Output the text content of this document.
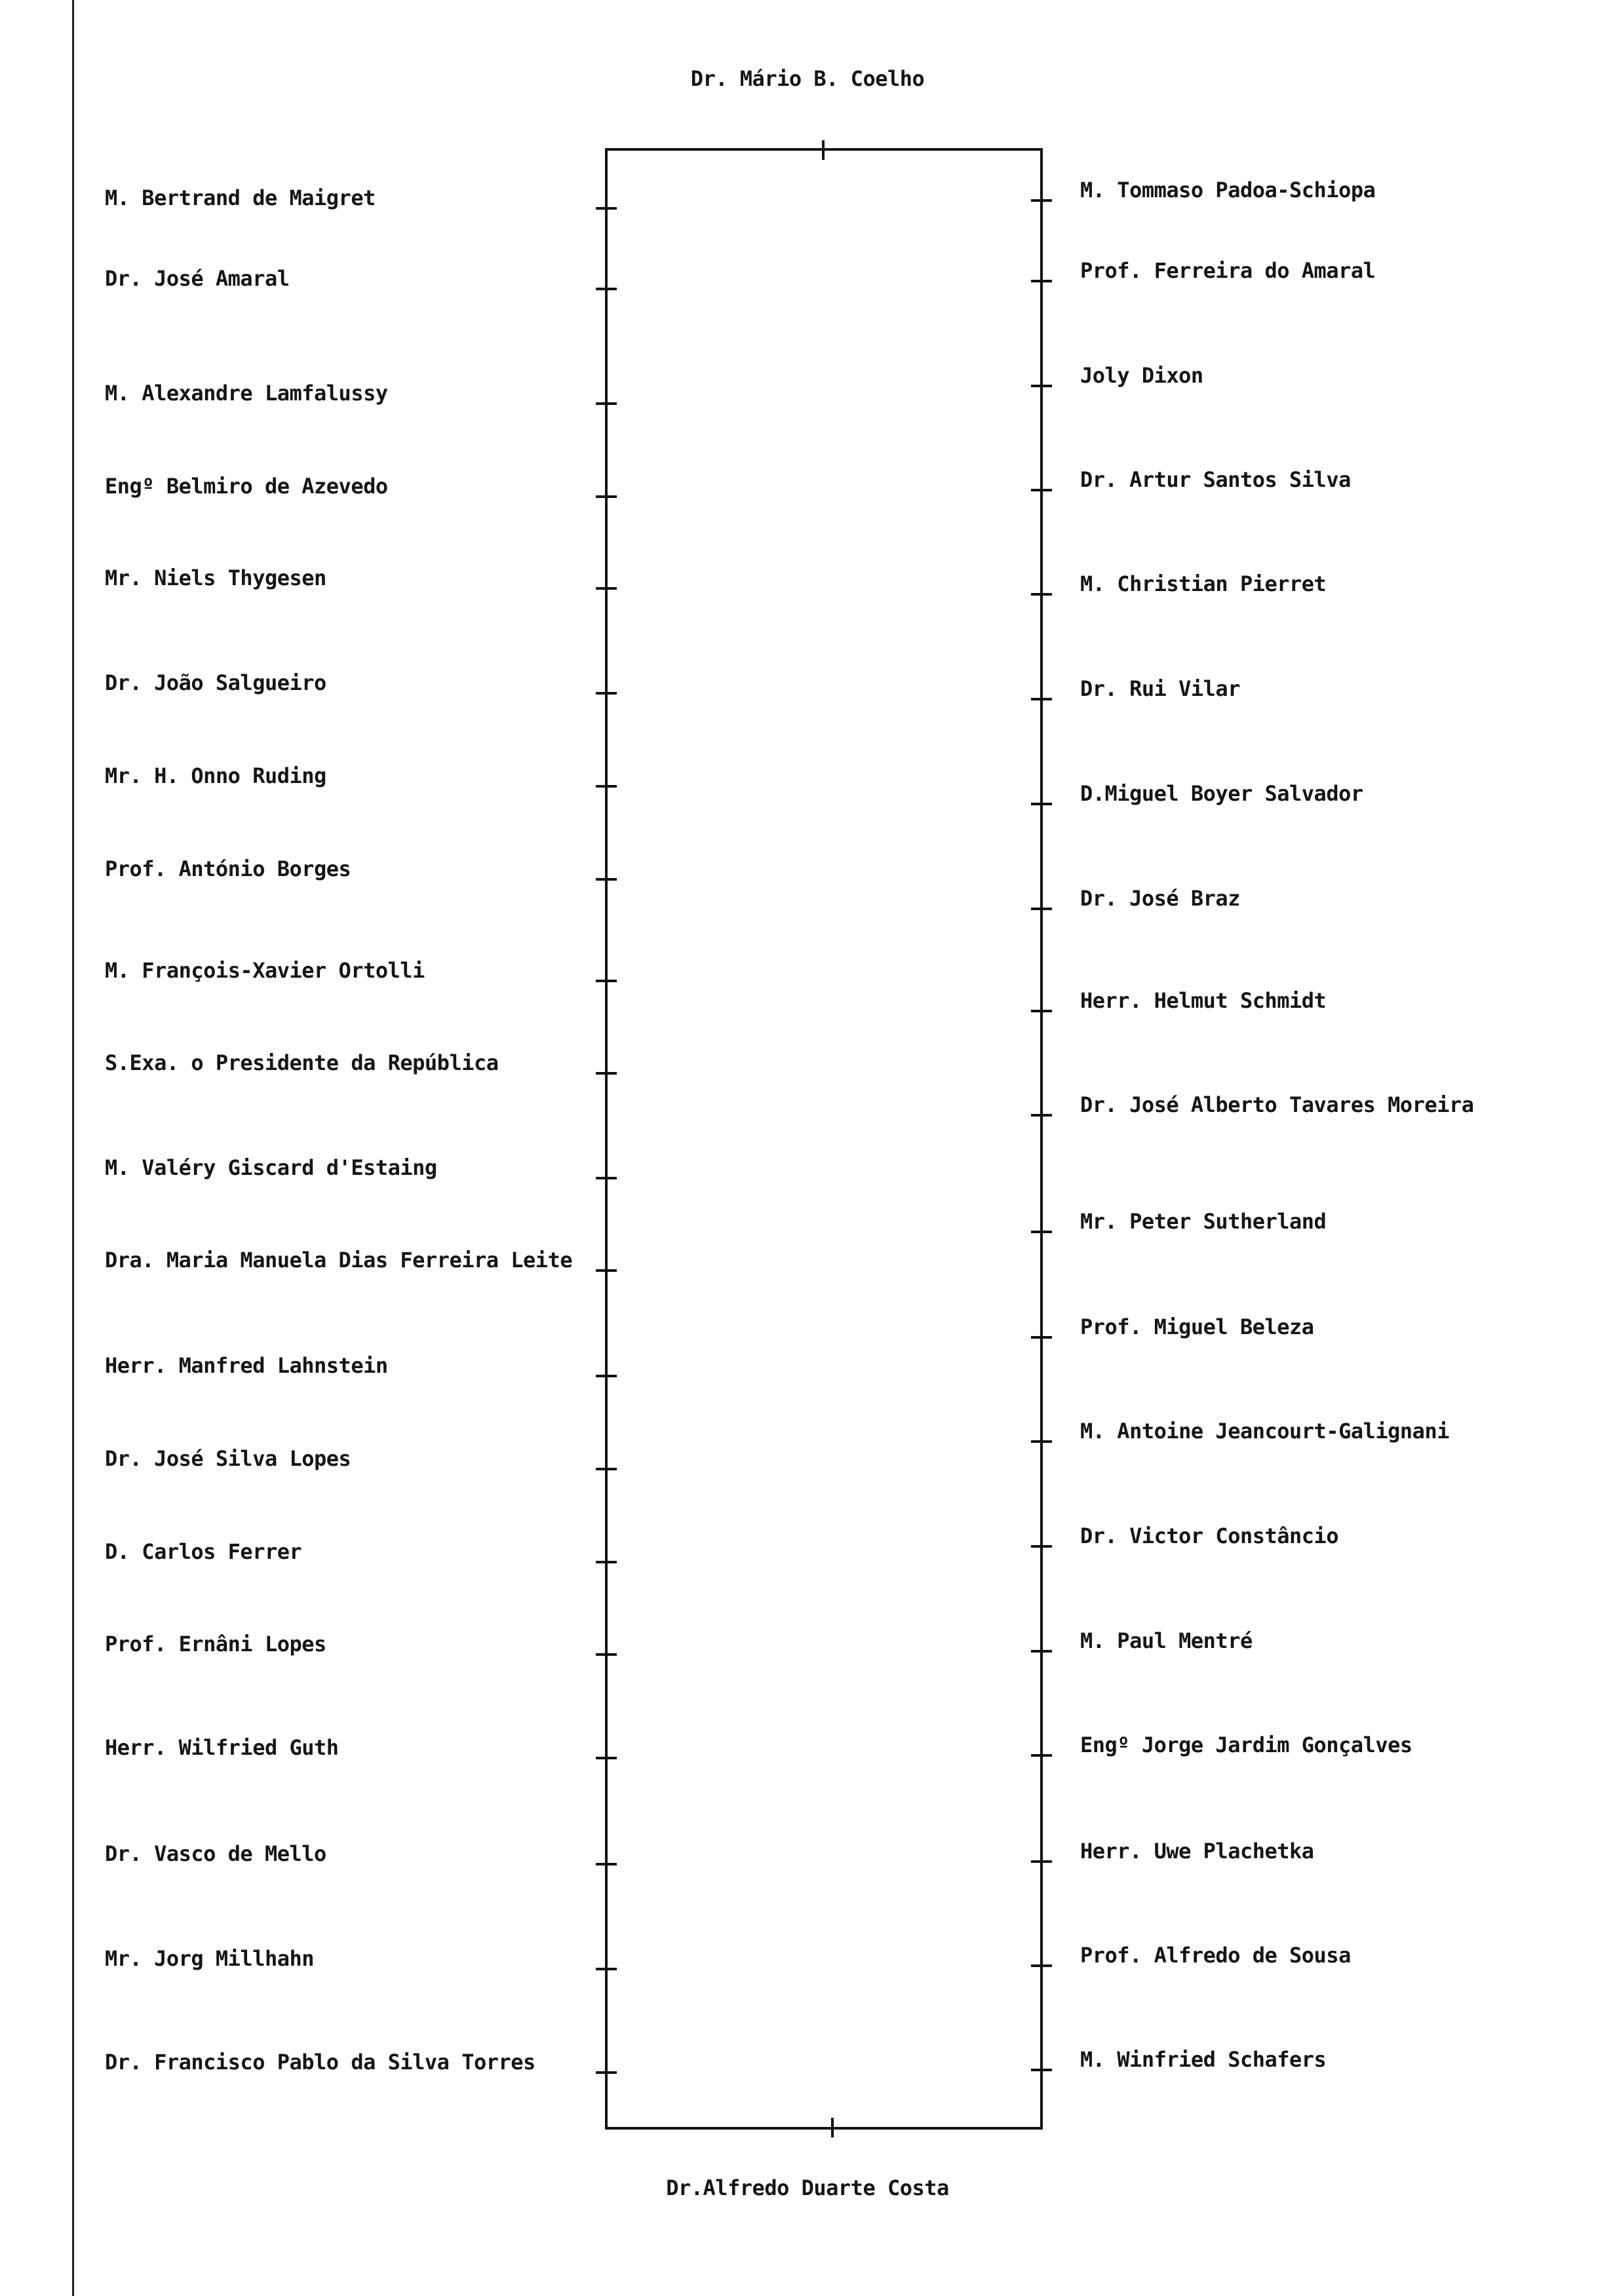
Dr. Mário B. Coelho
Dr.Alfredo Duarte Costa
M. Bertrand de Maigret
Dr. José Amaral
M. Alexandre Lamfalussy
Engº Belmiro de Azevedo
Mr. Niels Thygesen
Dr. João Salgueiro
Mr. H. Onno Ruding
Prof. António Borges
M. François-Xavier Ortolli
S.Exa. o Presidente da República
M. Valéry Giscard d'Estaing
Dra. Maria Manuela Dias Ferreira Leite
Herr. Manfred Lahnstein
Dr. José Silva Lopes
D. Carlos Ferrer
Prof. Ernâni Lopes
Herr. Wilfried Guth
Dr. Vasco de Mello
Mr. Jorg Millhahn
Dr. Francisco Pablo da Silva Torres
M. Tommaso Padoa-Schiopa
Prof. Ferreira do Amaral
Joly Dixon
Dr. Artur Santos Silva
M. Christian Pierret
Dr. Rui Vilar
D.Miguel Boyer Salvador
Dr. José Braz
Herr. Helmut Schmidt
Dr. José Alberto Tavares Moreira
Mr. Peter Sutherland
Prof. Miguel Beleza
M. Antoine Jeancourt-Galignani
Dr. Victor Constâncio
M. Paul Mentré
Engº Jorge Jardim Gonçalves
Herr. Uwe Plachetka
Prof. Alfredo de Sousa
M. Winfried Schafers
